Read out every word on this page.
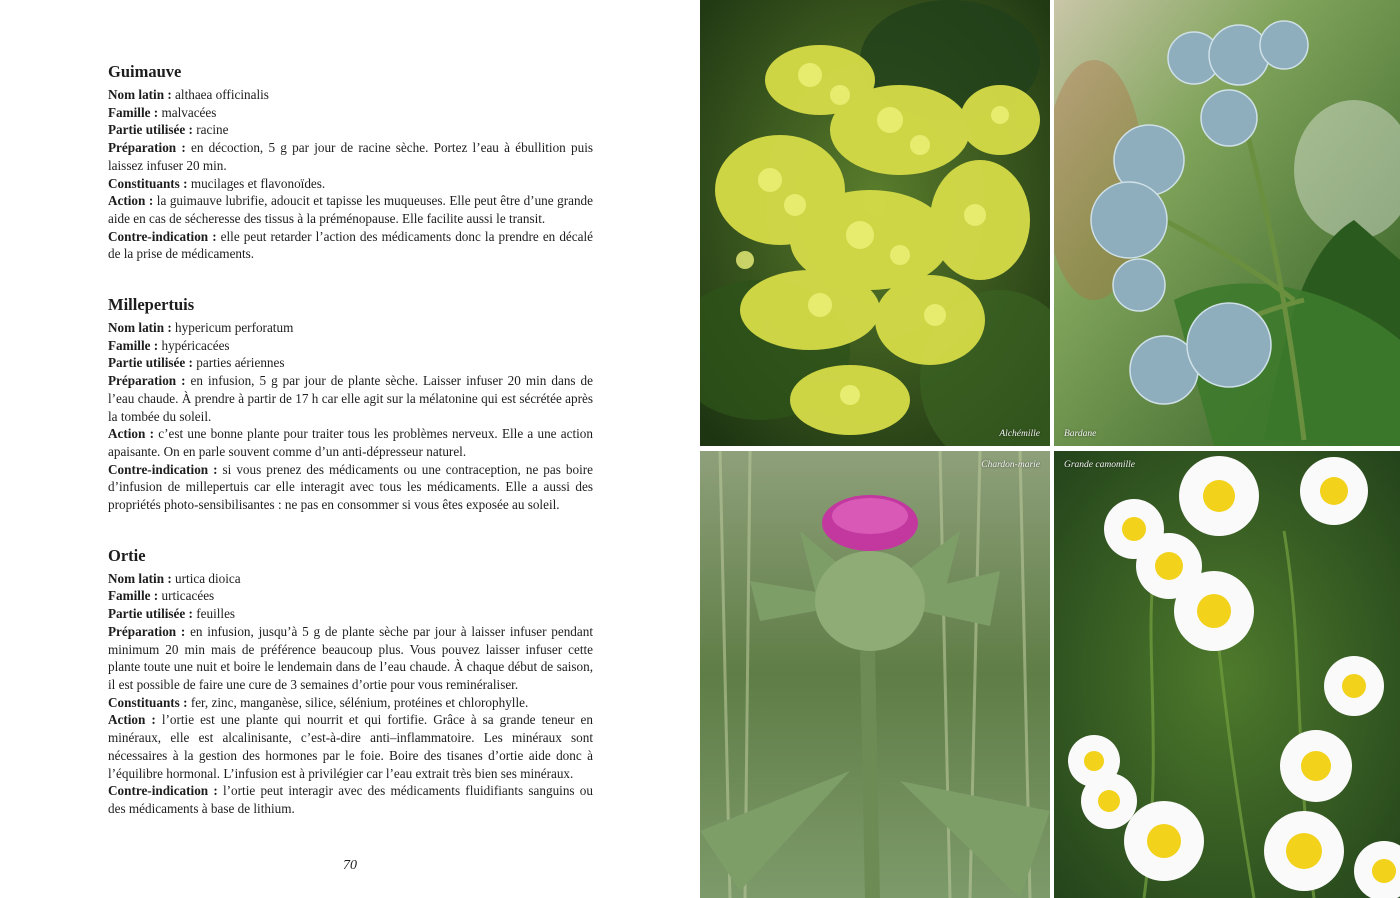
Guimauve

Nom latin : althaea officinalis

Famille : malvacées

Partie utilisée : racine

Préparation : en décoction, 5 g par jour de racine sèche. Portez l’eau à ébullition puis laissez infuser 20 min.

Constituants : mucilages et flavonoïdes.

Action : la guimauve lubrifie, adoucit et tapisse les muqueuses. Elle peut être d’une grande aide en cas de sécheresse des tissus à la préménopause. Elle facilite aussi le transit.

Contre-indication : elle peut retarder l’action des médicaments donc la prendre en décalé de la prise de médicaments.

Millepertuis

Nom latin : hypericum perforatum

Famille : hypéricacées

Partie utilisée : parties aériennes

Préparation : en infusion, 5 g par jour de plante sèche. Laisser infuser 20 min dans de l’eau chaude. À prendre à partir de 17 h car elle agit sur la mélatonine qui est sécrétée après la tombée du soleil.

Action : c’est une bonne plante pour traiter tous les problèmes nerveux. Elle a une action apaisante. On en parle souvent comme d’un anti-dépresseur naturel.

Contre-indication : si vous prenez des médicaments ou une contraception, ne pas boire d’infusion de millepertuis car elle interagit avec tous les médicaments. Elle a aussi des propriétés photo-sensibilisantes : ne pas en consommer si vous êtes exposée au soleil.

Ortie

Nom latin : urtica dioica

Famille : urticacées

Partie utilisée : feuilles

Préparation : en infusion, jusqu’à 5 g de plante sèche par jour à laisser infuser pendant minimum 20 min mais de préférence beaucoup plus. Vous pouvez laisser infuser cette plante toute une nuit et boire le lendemain dans de l’eau chaude. À chaque début de saison, il est possible de faire une cure de 3 semaines d’ortie pour vous reminéraliser.

Constituants : fer, zinc, manganèse, silice, sélénium, protéines et chlorophylle.

Action : l’ortie est une plante qui nourrit et qui fortifie. Grâce à sa grande teneur en minéraux, elle est alcalinisante, c’est-à-dire anti–inflammatoire. Les minéraux sont nécessaires à la gestion des hormones par le foie. Boire des tisanes d’ortie aide donc à l’équilibre hormonal. L’infusion est à privilégier car l’eau extrait très bien ses minéraux.

Contre-indication : l’ortie peut interagir avec des médicaments fluidifiants sanguins ou des médicaments à base de lithium.

70
Alchémille	Bardane
Chardon-marie	Grande camomille
